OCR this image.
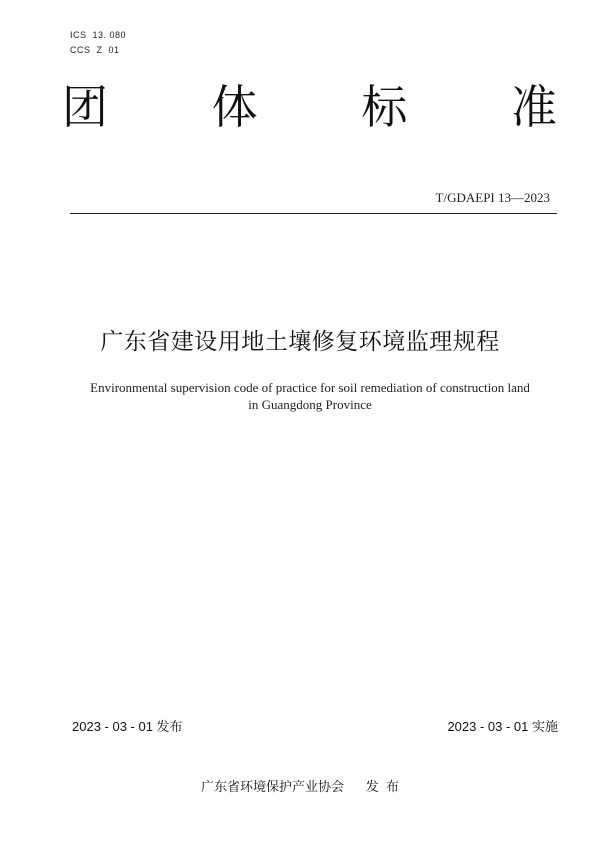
ICS  13. 080
CCS  Z  01
团 体 标 准
T/GDAEPI 13—2023
广东省建设用地土壤修复环境监理规程
Environmental supervision code of practice for soil remediation of construction land
in Guangdong Province
2023 - 03 - 01 发布	2023 - 03 - 01 实施
广东省环境保护产业协会      发  布
